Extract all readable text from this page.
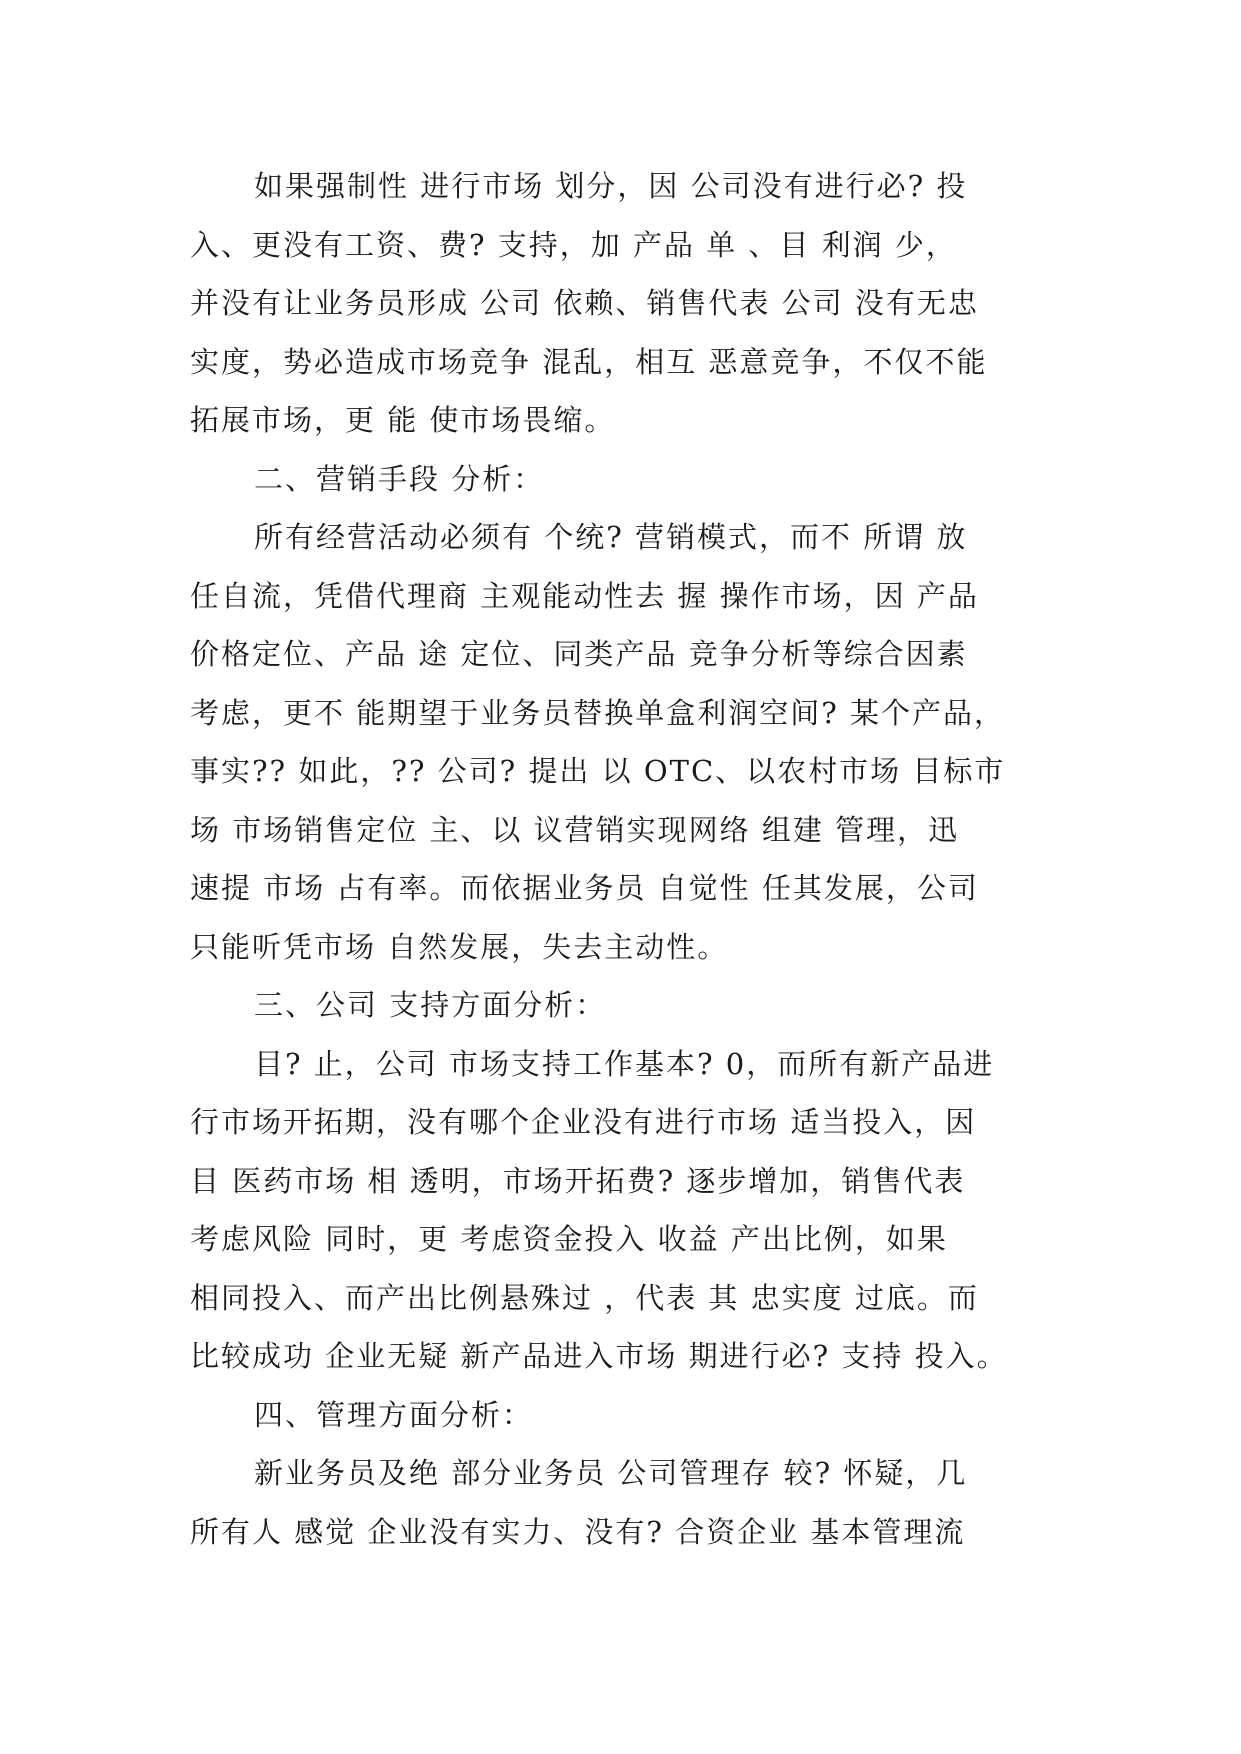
如果强制性 进行市场 划分，因 公司没有进行必? 投
入、更没有工资、费? 支持，加 产品 单 、目 利润 少，
并没有让业务员形成 公司 依赖、销售代表 公司 没有无忠
实度，势必造成市场竞争 混乱，相互 恶意竞争，不仅不能
拓展市场，更 能 使市场畏缩。
二、营销手段 分析：
所有经营活动必须有 个统? 营销模式，而不 所谓 放
任自流，凭借代理商 主观能动性去 握 操作市场，因 产品
价格定位、产品 途 定位、同类产品 竞争分析等综合因素
考虑，更不 能期望于业务员替换单盒利润空间? 某个产品，
事实?? 如此，?? 公司? 提出 以 OTC、以农村市场 目标市
场 市场销售定位 主、以 议营销实现网络 组建 管理，迅
速提 市场 占有率。而依据业务员 自觉性 任其发展，公司
只能听凭市场 自然发展，失去主动性。
三、公司 支持方面分析：
目? 止，公司 市场支持工作基本? 0，而所有新产品进
行市场开拓期，没有哪个企业没有进行市场 适当投入，因
目 医药市场 相 透明，市场开拓费? 逐步增加，销售代表
考虑风险 同时，更 考虑资金投入 收益 产出比例，如果
相同投入、而产出比例悬殊过 ，代表 其 忠实度 过底。而
比较成功 企业无疑 新产品进入市场 期进行必? 支持 投入。
四、管理方面分析：
新业务员及绝 部分业务员 公司管理存 较? 怀疑，几
所有人 感觉 企业没有实力、没有? 合资企业 基本管理流
